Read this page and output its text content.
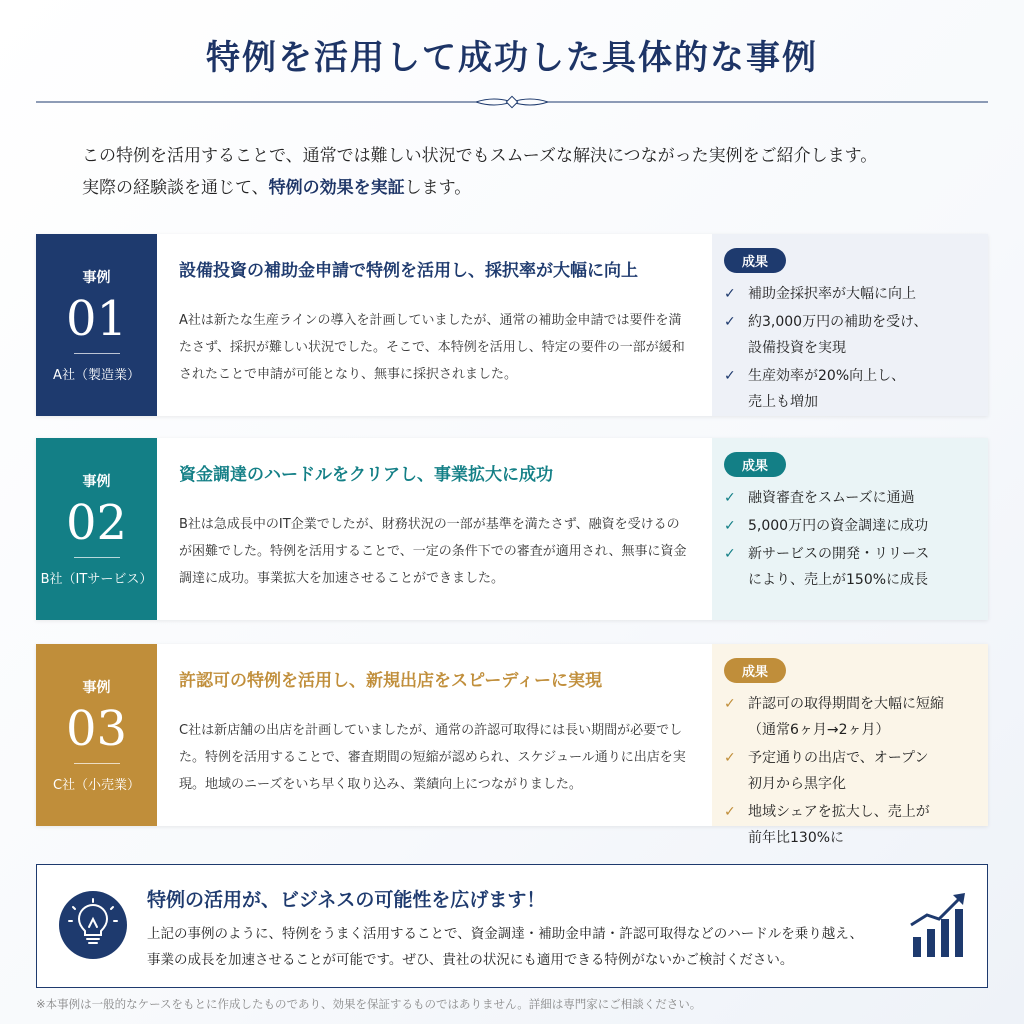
特例を活用して成功した具体的な事例
この特例を活用することで、通常では難しい状況でもスムーズな解決につながった実例をご紹介します。
実際の経験談を通じて、特例の効果を実証します。
事例
01
A社（製造業）
設備投資の補助金申請で特例を活用し、採択率が大幅に向上

A社は新たな生産ラインの導入を計画していましたが、通常の補助金申請では要件を満たさず、採択が難しい状況でした。そこで、本特例を活用し、特定の要件の一部が緩和されたことで申請が可能となり、無事に採択されました。

成果
✓ 補助金採択率が大幅に向上
✓ 約3,000万円の補助を受け、
設備投資を実現
✓ 生産効率が20%向上し、
売上も増加
事例
02
B社（ITサービス）
資金調達のハードルをクリアし、事業拡大に成功

B社は急成長中のIT企業でしたが、財務状況の一部が基準を満たさず、融資を受けるのが困難でした。特例を活用することで、一定の条件下での審査が適用され、無事に資金調達に成功。事業拡大を加速させることができました。

成果
✓ 融資審査をスムーズに通過
✓ 5,000万円の資金調達に成功
✓ 新サービスの開発・リリース
により、売上が150%に成長
事例
03
C社（小売業）
許認可の特例を活用し、新規出店をスピーディーに実現

C社は新店舗の出店を計画していましたが、通常の許認可取得には長い期間が必要でした。特例を活用することで、審査期間の短縮が認められ、スケジュール通りに出店を実現。地域のニーズをいち早く取り込み、業績向上につながりました。

成果
✓ 許認可の取得期間を大幅に短縮
（通常6ヶ月→2ヶ月）
✓ 予定通りの出店で、オープン
初月から黒字化
✓ 地域シェアを拡大し、売上が
前年比130%に
特例の活用が、ビジネスの可能性を広げます！

上記の事例のように、特例をうまく活用することで、資金調達・補助金申請・許認可取得などのハードルを乗り越え、
事業の成長を加速させることが可能です。ぜひ、貴社の状況にも適用できる特例がないかご検討ください。

※本事例は一般的なケースをもとに作成したものであり、効果を保証するものではありません。詳細は専門家にご相談ください。
